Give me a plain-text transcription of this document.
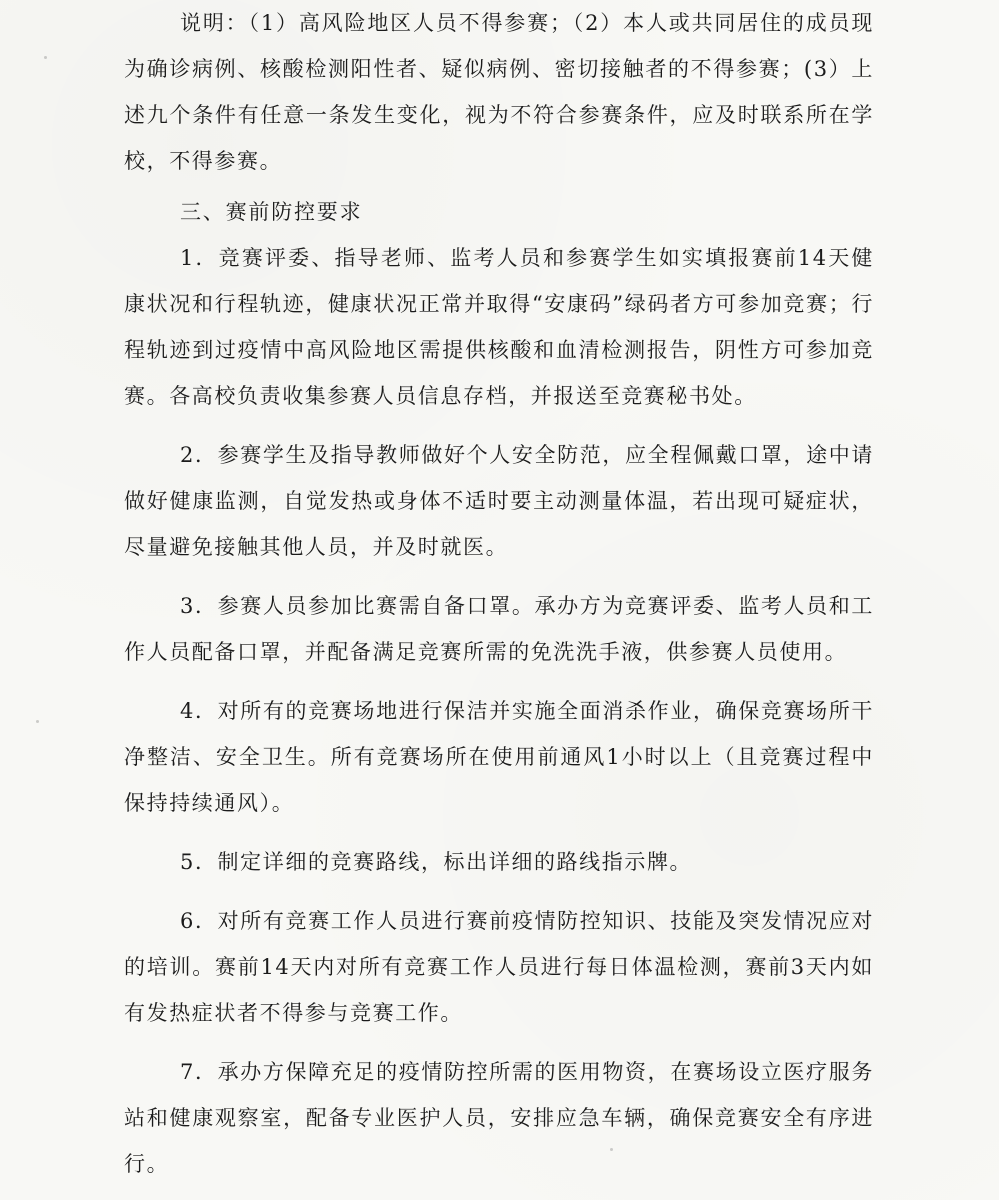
说明：（1）高风险地区人员不得参赛；（2）本人或共同居住的成员现为确诊病例、核酸检测阳性者、疑似病例、密切接触者的不得参赛；(3）上述九个条件有任意一条发生变化，视为不符合参赛条件，应及时联系所在学校，不得参赛。

三、赛前防控要求

1．竞赛评委、指导老师、监考人员和参赛学生如实填报赛前14天健康状况和行程轨迹，健康状况正常并取得“安康码”绿码者方可参加竞赛；行程轨迹到过疫情中高风险地区需提供核酸和血清检测报告，阴性方可参加竞赛。各高校负责收集参赛人员信息存档，并报送至竞赛秘书处。

2．参赛学生及指导教师做好个人安全防范，应全程佩戴口罩，途中请做好健康监测，自觉发热或身体不适时要主动测量体温，若出现可疑症状，尽量避免接触其他人员，并及时就医。

3．参赛人员参加比赛需自备口罩。承办方为竞赛评委、监考人员和工作人员配备口罩，并配备满足竞赛所需的免洗洗手液，供参赛人员使用。

4．对所有的竞赛场地进行保洁并实施全面消杀作业，确保竞赛场所干净整洁、安全卫生。所有竞赛场所在使用前通风1小时以上（且竞赛过程中保持持续通风）。

5．制定详细的竞赛路线，标出详细的路线指示牌。

6．对所有竞赛工作人员进行赛前疫情防控知识、技能及突发情况应对的培训。赛前14天内对所有竞赛工作人员进行每日体温检测，赛前3天内如有发热症状者不得参与竞赛工作。

7．承办方保障充足的疫情防控所需的医用物资，在赛场设立医疗服务站和健康观察室，配备专业医护人员，安排应急车辆，确保竞赛安全有序进行。
